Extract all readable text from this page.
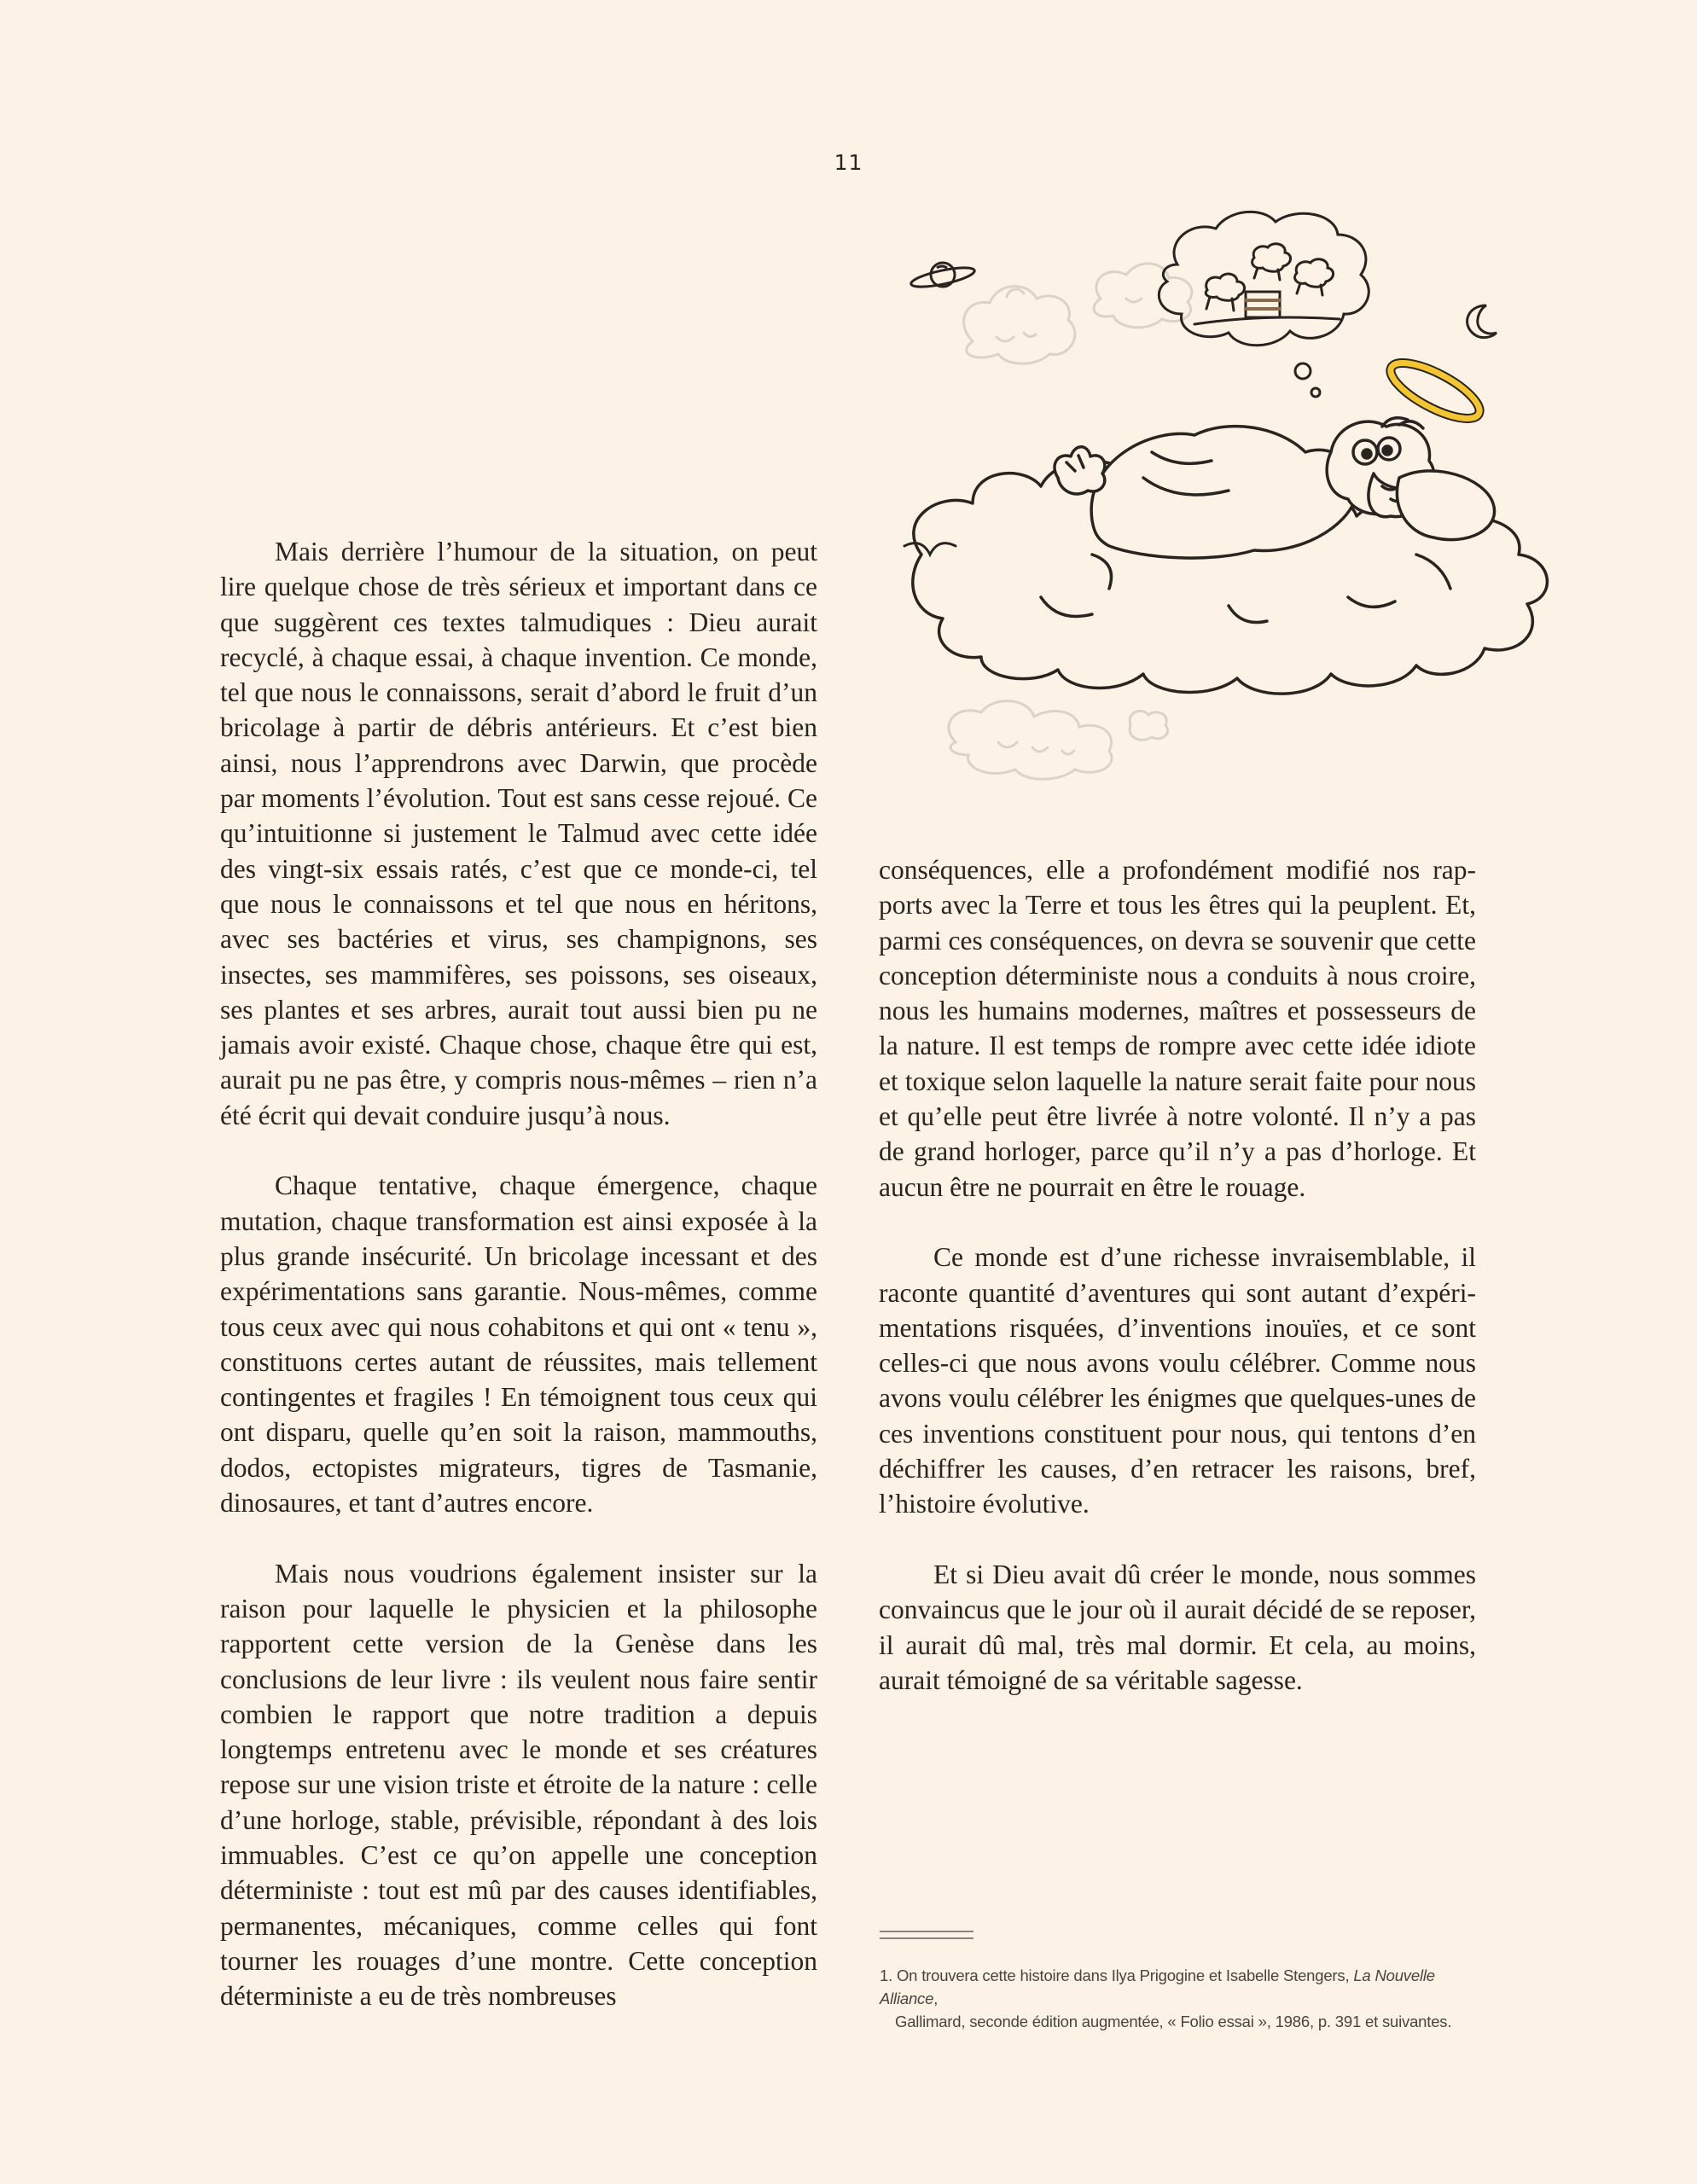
11

Mais derrière l’humour de la situation, on peut lire quelque chose de très sérieux et important dans ce que suggèrent ces textes talmudiques : Dieu aurait recyclé, à chaque essai, à chaque invention. Ce monde, tel que nous le connaissons, serait d’abord le fruit d’un bricolage à partir de débris antérieurs. Et c’est bien ainsi, nous l’apprendrons avec Darwin, que procède par moments l’évolution. Tout est sans cesse rejoué. Ce qu’intuitionne si justement le Talmud avec cette idée des vingt-six essais ratés, c’est que ce monde-ci, tel que nous le connaissons et tel que nous en héritons, avec ses bactéries et virus, ses champignons, ses insectes, ses mammifères, ses poissons, ses oiseaux, ses plantes et ses arbres, aurait tout aussi bien pu ne jamais avoir existé. Chaque chose, chaque être qui est, aurait pu ne pas être, y compris nous-mêmes – rien n’a été écrit qui devait conduire jusqu’à nous.

Chaque tentative, chaque émergence, chaque mutation, chaque transformation est ainsi exposée à la plus grande insécurité. Un bricolage incessant et des expérimentations sans garantie. Nous-mêmes, comme tous ceux avec qui nous cohabitons et qui ont « tenu », constituons certes autant de réussites, mais tellement contingentes et fragiles ! En témoignent tous ceux qui ont disparu, quelle qu’en soit la raison, mammouths, dodos, ectopistes migrateurs, tigres de Tasmanie, dinosaures, et tant d’autres encore.

Mais nous voudrions également insister sur la raison pour laquelle le physicien et la philosophe rapportent cette version de la Genèse dans les conclusions de leur livre : ils veulent nous faire sentir combien le rapport que notre tradition a depuis longtemps entretenu avec le monde et ses créatures repose sur une vision triste et étroite de la nature : celle d’une horloge, stable, prévisible, répondant à des lois immuables. C’est ce qu’on appelle une conception déterministe : tout est mû par des causes identifiables, permanentes, mécaniques, comme celles qui font tourner les rouages d’une montre. Cette conception déterministe a eu de très nombreuses

conséquences, elle a profondément modifié nos rapports avec la Terre et tous les êtres qui la peuplent. Et, parmi ces conséquences, on devra se souvenir que cette conception déterministe nous a conduits à nous croire, nous les humains modernes, maîtres et possesseurs de la nature. Il est temps de rompre avec cette idée idiote et toxique selon laquelle la nature serait faite pour nous et qu’elle peut être livrée à notre volonté. Il n’y a pas de grand horloger, parce qu’il n’y a pas d’horloge. Et aucun être ne pourrait en être le rouage.

Ce monde est d’une richesse invraisemblable, il raconte quantité d’aventures qui sont autant d’expérimentations risquées, d’inventions inouïes, et ce sont celles-ci que nous avons voulu célébrer. Comme nous avons voulu célébrer les énigmes que quelques-unes de ces inventions constituent pour nous, qui tentons d’en déchiffrer les causes, d’en retracer les raisons, bref, l’histoire évolutive.

Et si Dieu avait dû créer le monde, nous sommes convaincus que le jour où il aurait décidé de se reposer, il aurait dû mal, très mal dormir. Et cela, au moins, aurait témoigné de sa véritable sagesse.

1. On trouvera cette histoire dans Ilya Prigogine et Isabelle Stengers, La Nouvelle Alliance,
Gallimard, seconde édition augmentée, « Folio essai », 1986, p. 391 et suivantes.
